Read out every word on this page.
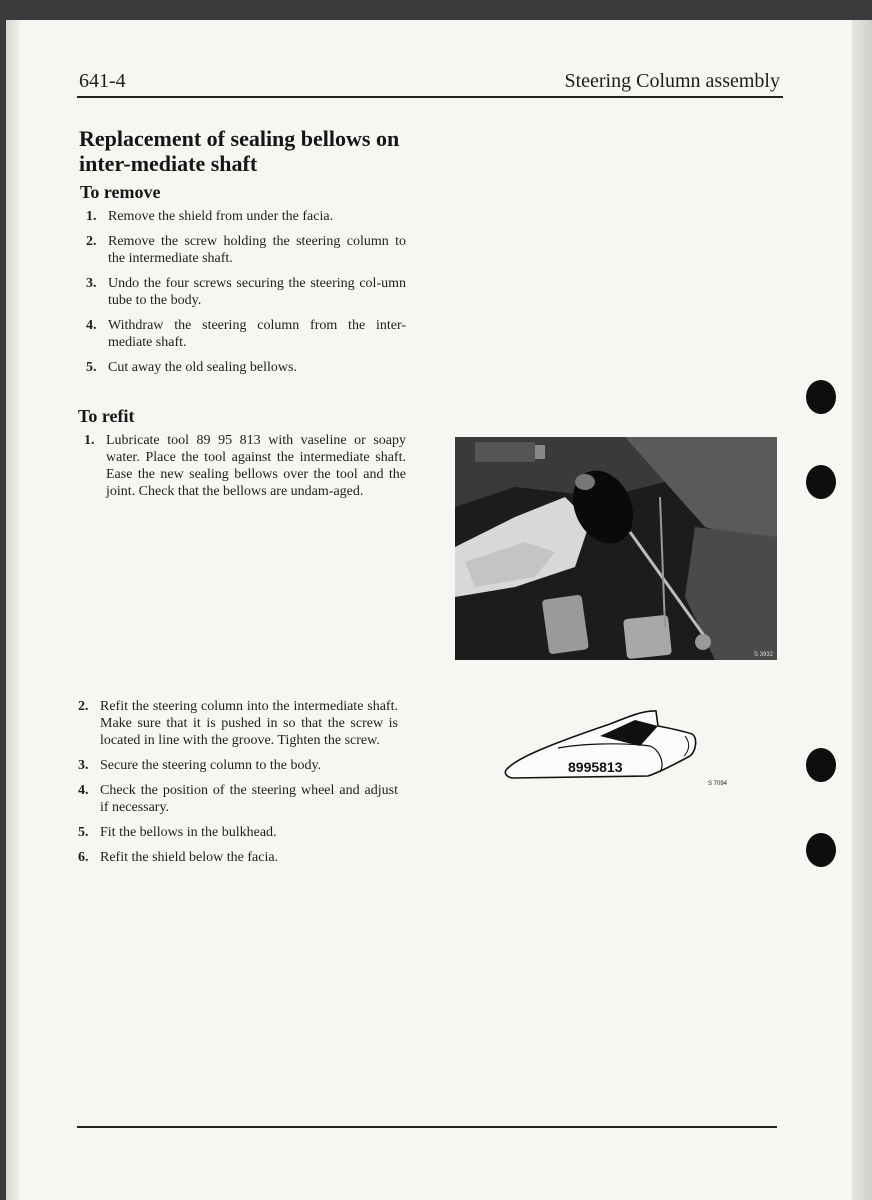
641-4	Steering Column assembly
Replacement of sealing bellows on inter-mediate shaft
To remove
1. Remove the shield from under the facia.
2. Remove the screw holding the steering column to the intermediate shaft.
3. Undo the four screws securing the steering col-umn tube to the body.
4. Withdraw the steering column from the inter-mediate shaft.
5. Cut away the old sealing bellows.
To refit
1. Lubricate tool 89 95 813 with vaseline or soapy water. Place the tool against the intermediate shaft. Ease the new sealing bellows over the tool and the joint. Check that the bellows are undam-aged.
2. Refit the steering column into the intermediate shaft. Make sure that it is pushed in so that the screw is located in line with the groove. Tighten the screw.
3. Secure the steering column to the body.
4. Check the position of the steering wheel and adjust if necessary.
5. Fit the bellows in the bulkhead.
6. Refit the shield below the facia.
S 3932
8995813
S 7094
